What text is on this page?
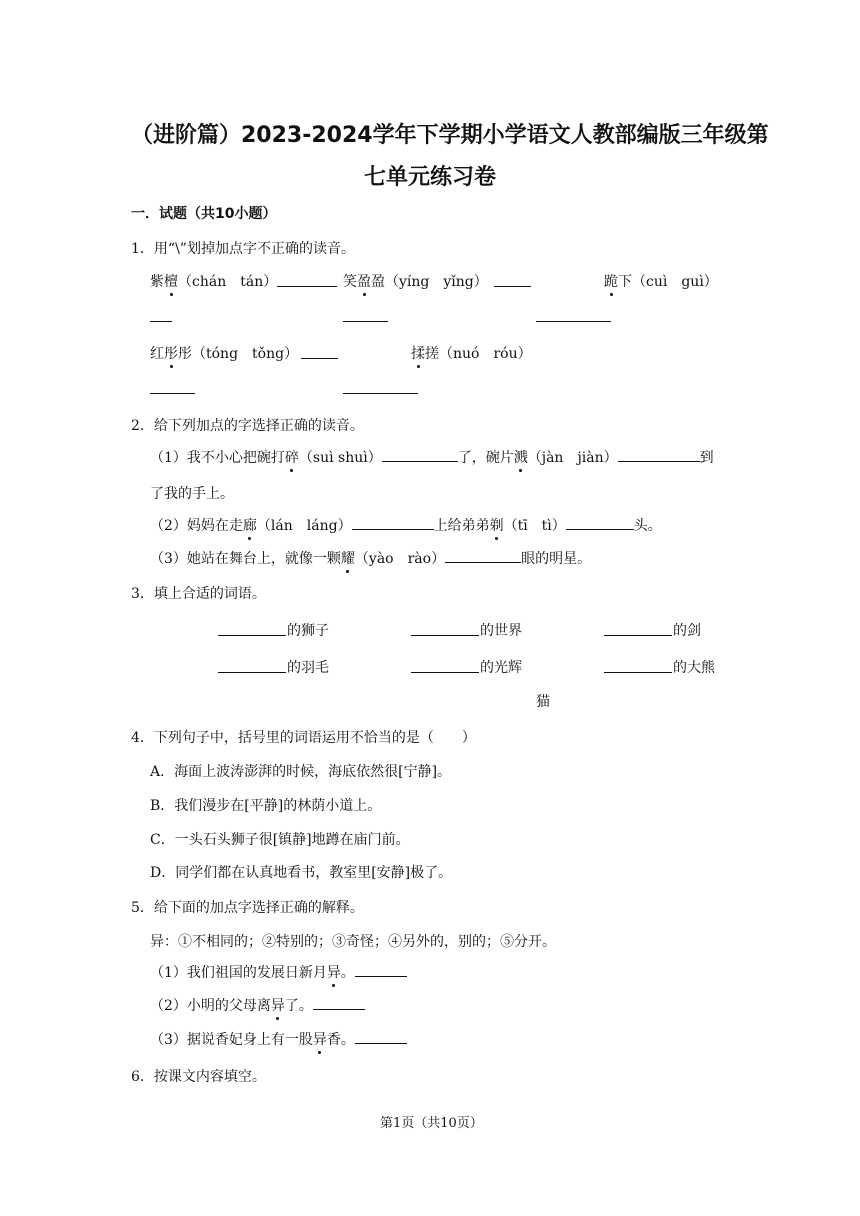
（进阶篇）2023-2024学年下学期小学语文人教部编版三年级第
七单元练习卷
一．试题（共10小题）
1．用“\”划掉加点字不正确的读音。
紫檀（chán　tán）	笑盈盈（yíng　yǐng）	跪下（cuì　guì）
红彤彤（tóng　tǒng）	揉搓（nuó　róu）
2．给下列加点的字选择正确的读音。
（1）我不小心把碗打碎（suì shuì）	了，碗片溅（jàn　jiàn）	到
了我的手上。
（2）妈妈在走廊（lán　láng）	上给弟弟剃（tī　tì）	头。
（3）她站在舞台上，就像一颗耀（yào　rào）	眼的明星。
3．填上合适的词语。
的狮子	的世界	的剑
的羽毛	的光辉	的大熊
猫
4．下列句子中，括号里的词语运用不恰当的是（　　）
A．海面上波涛澎湃的时候，海底依然很[宁静]。
B．我们漫步在[平静]的林荫小道上。
C．一头石头狮子很[镇静]地蹲在庙门前。
D．同学们都在认真地看书，教室里[安静]极了。
5．给下面的加点字选择正确的解释。
异：①不相同的；②特别的；③奇怪；④另外的，别的；⑤分开。
（1）我们祖国的发展日新月异。
（2）小明的父母离异了。
（3）据说香妃身上有一股异香。
6．按课文内容填空。
第1页（共10页）
